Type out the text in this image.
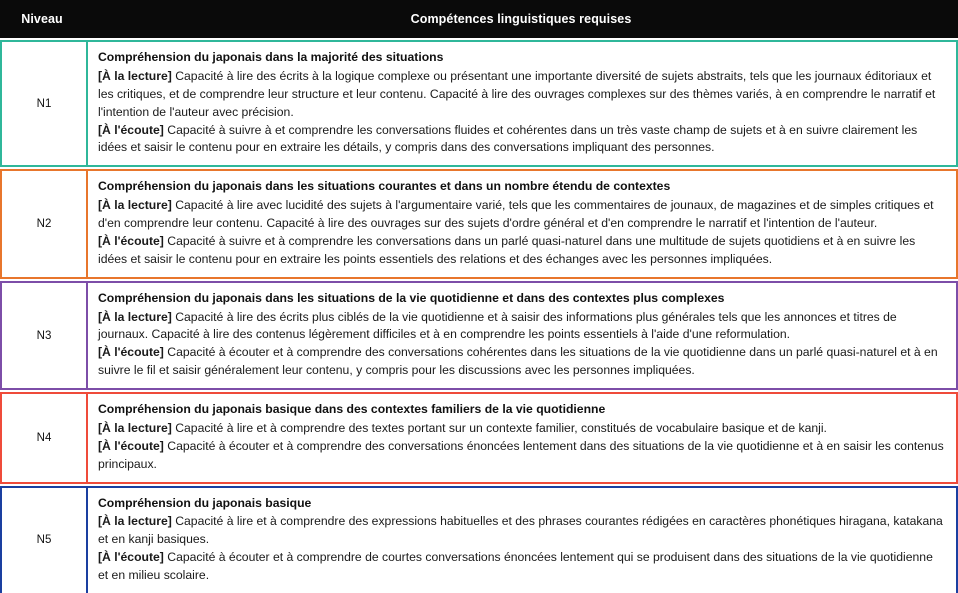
Niveau	Compétences linguistiques requises
N1

Compréhension du japonais dans la majorité des situations

[À la lecture] Capacité à lire des écrits à la logique complexe ou présentant une importante diversité de sujets abstraits, tels que les journaux éditoriaux et les critiques, et de comprendre leur structure et leur contenu. Capacité à lire des ouvrages complexes sur des thèmes variés, à en comprendre le narratif et l'intention de l'auteur avec précision.

[À l'écoute] Capacité à suivre à et comprendre les conversations fluides et cohérentes dans un très vaste champ de sujets et à en suivre clairement les idées et saisir le contenu pour en extraire les détails, y compris dans des conversations impliquant des personnes.

N2

Compréhension du japonais dans les situations courantes et dans un nombre étendu de contextes

[À la lecture] Capacité à lire avec lucidité des sujets à l'argumentaire varié, tels que les commentaires de jounaux, de magazines et de simples critiques et d'en comprendre leur contenu. Capacité à lire des ouvrages sur des sujets d'ordre général et d'en comprendre le narratif et l'intention de l'auteur.

[À l'écoute] Capacité à suivre et à comprendre les conversations dans un parlé quasi-naturel dans une multitude de sujets quotidiens et à en suivre les idées et saisir le contenu pour en extraire les points essentiels des relations et des échanges avec les personnes impliquées.

N3

Compréhension du japonais dans les situations de la vie quotidienne et dans des contextes plus complexes

[À la lecture] Capacité à lire des écrits plus ciblés de la vie quotidienne et à saisir des informations plus générales tels que les annonces et titres de journaux. Capacité à lire des contenus légèrement difficiles et à en comprendre les points essentiels à l'aide d'une reformulation.

[À l'écoute] Capacité à écouter et à comprendre des conversations cohérentes dans les situations de la vie quotidienne dans un parlé quasi-naturel et à en suivre le fil et saisir généralement leur contenu, y compris pour les discussions avec les personnes impliquées.

N4

Compréhension du japonais basique dans des contextes familiers de la vie quotidienne

[À la lecture] Capacité à lire et à comprendre des textes portant sur un contexte familier, constitués de vocabulaire basique et de kanji.

[À l'écoute] Capacité à écouter et à comprendre des conversations énoncées lentement dans des situations de la vie quotidienne et à en saisir les contenus principaux.

N5

Compréhension du japonais basique

[À la lecture] Capacité à lire et à comprendre des expressions habituelles et des phrases courantes rédigées en caractères phonétiques hiragana, katakana et en kanji basiques.

[À l'écoute] Capacité à écouter et à comprendre de courtes conversations énoncées lentement qui se produisent dans des situations de la vie quotidienne et en milieu scolaire.
